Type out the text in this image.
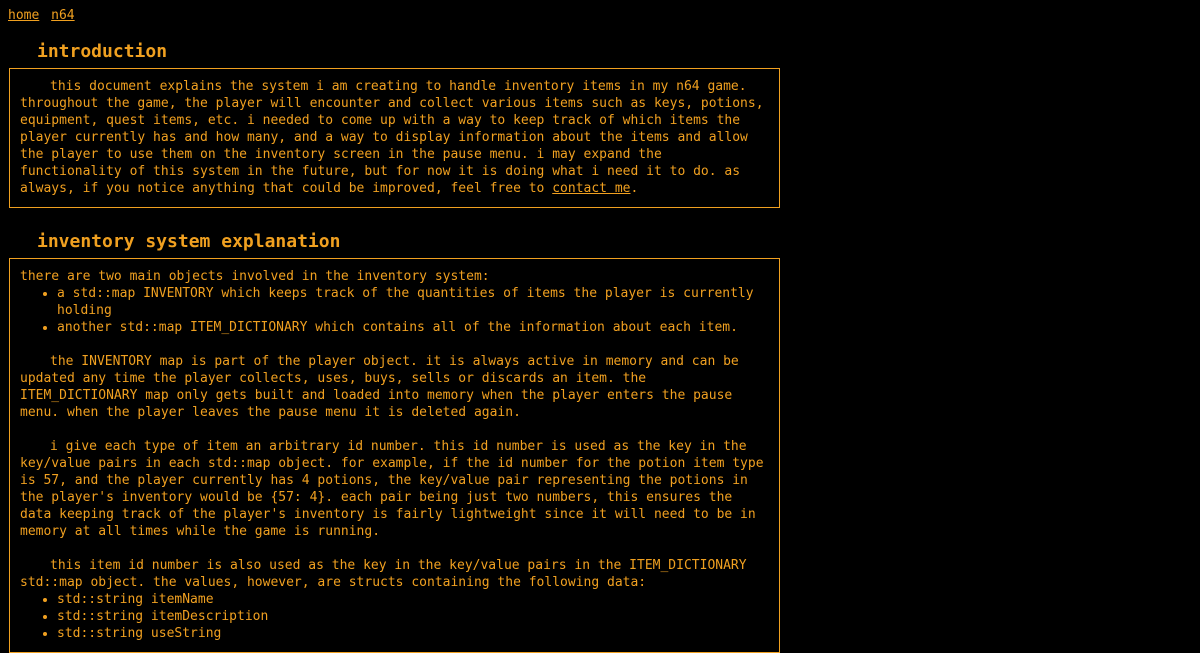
home n64
introduction

this document explains the system i am creating to handle inventory items in my n64 game. throughout the game, the player will encounter and collect various items such as keys, potions, equipment, quest items, etc. i needed to come up with a way to keep track of which items the player currently has and how many, and a way to display information about the items and allow the player to use them on the inventory screen in the pause menu. i may expand the functionality of this system in the future, but for now it is doing what i need it to do. as always, if you notice anything that could be improved, feel free to contact me.

inventory system explanation

there are two main objects involved in the inventory system:

• a std::map INVENTORY which keeps track of the quantities of items the player is currently holding
• another std::map ITEM_DICTIONARY which contains all of the information about each item.

the INVENTORY map is part of the player object. it is always active in memory and can be updated any time the player collects, uses, buys, sells or discards an item. the ITEM_DICTIONARY map only gets built and loaded into memory when the player enters the pause menu. when the player leaves the pause menu it is deleted again.

i give each type of item an arbitrary id number. this id number is used as the key in the key/value pairs in each std::map object. for example, if the id number for the potion item type is 57, and the player currently has 4 potions, the key/value pair representing the potions in the player's inventory would be {57: 4}. each pair being just two numbers, this ensures the data keeping track of the player's inventory is fairly lightweight since it will need to be in memory at all times while the game is running.

this item id number is also used as the key in the key/value pairs in the ITEM_DICTIONARY std::map object. the values, however, are structs containing the following data:

• std::string itemName
• std::string itemDescription
• std::string useString
